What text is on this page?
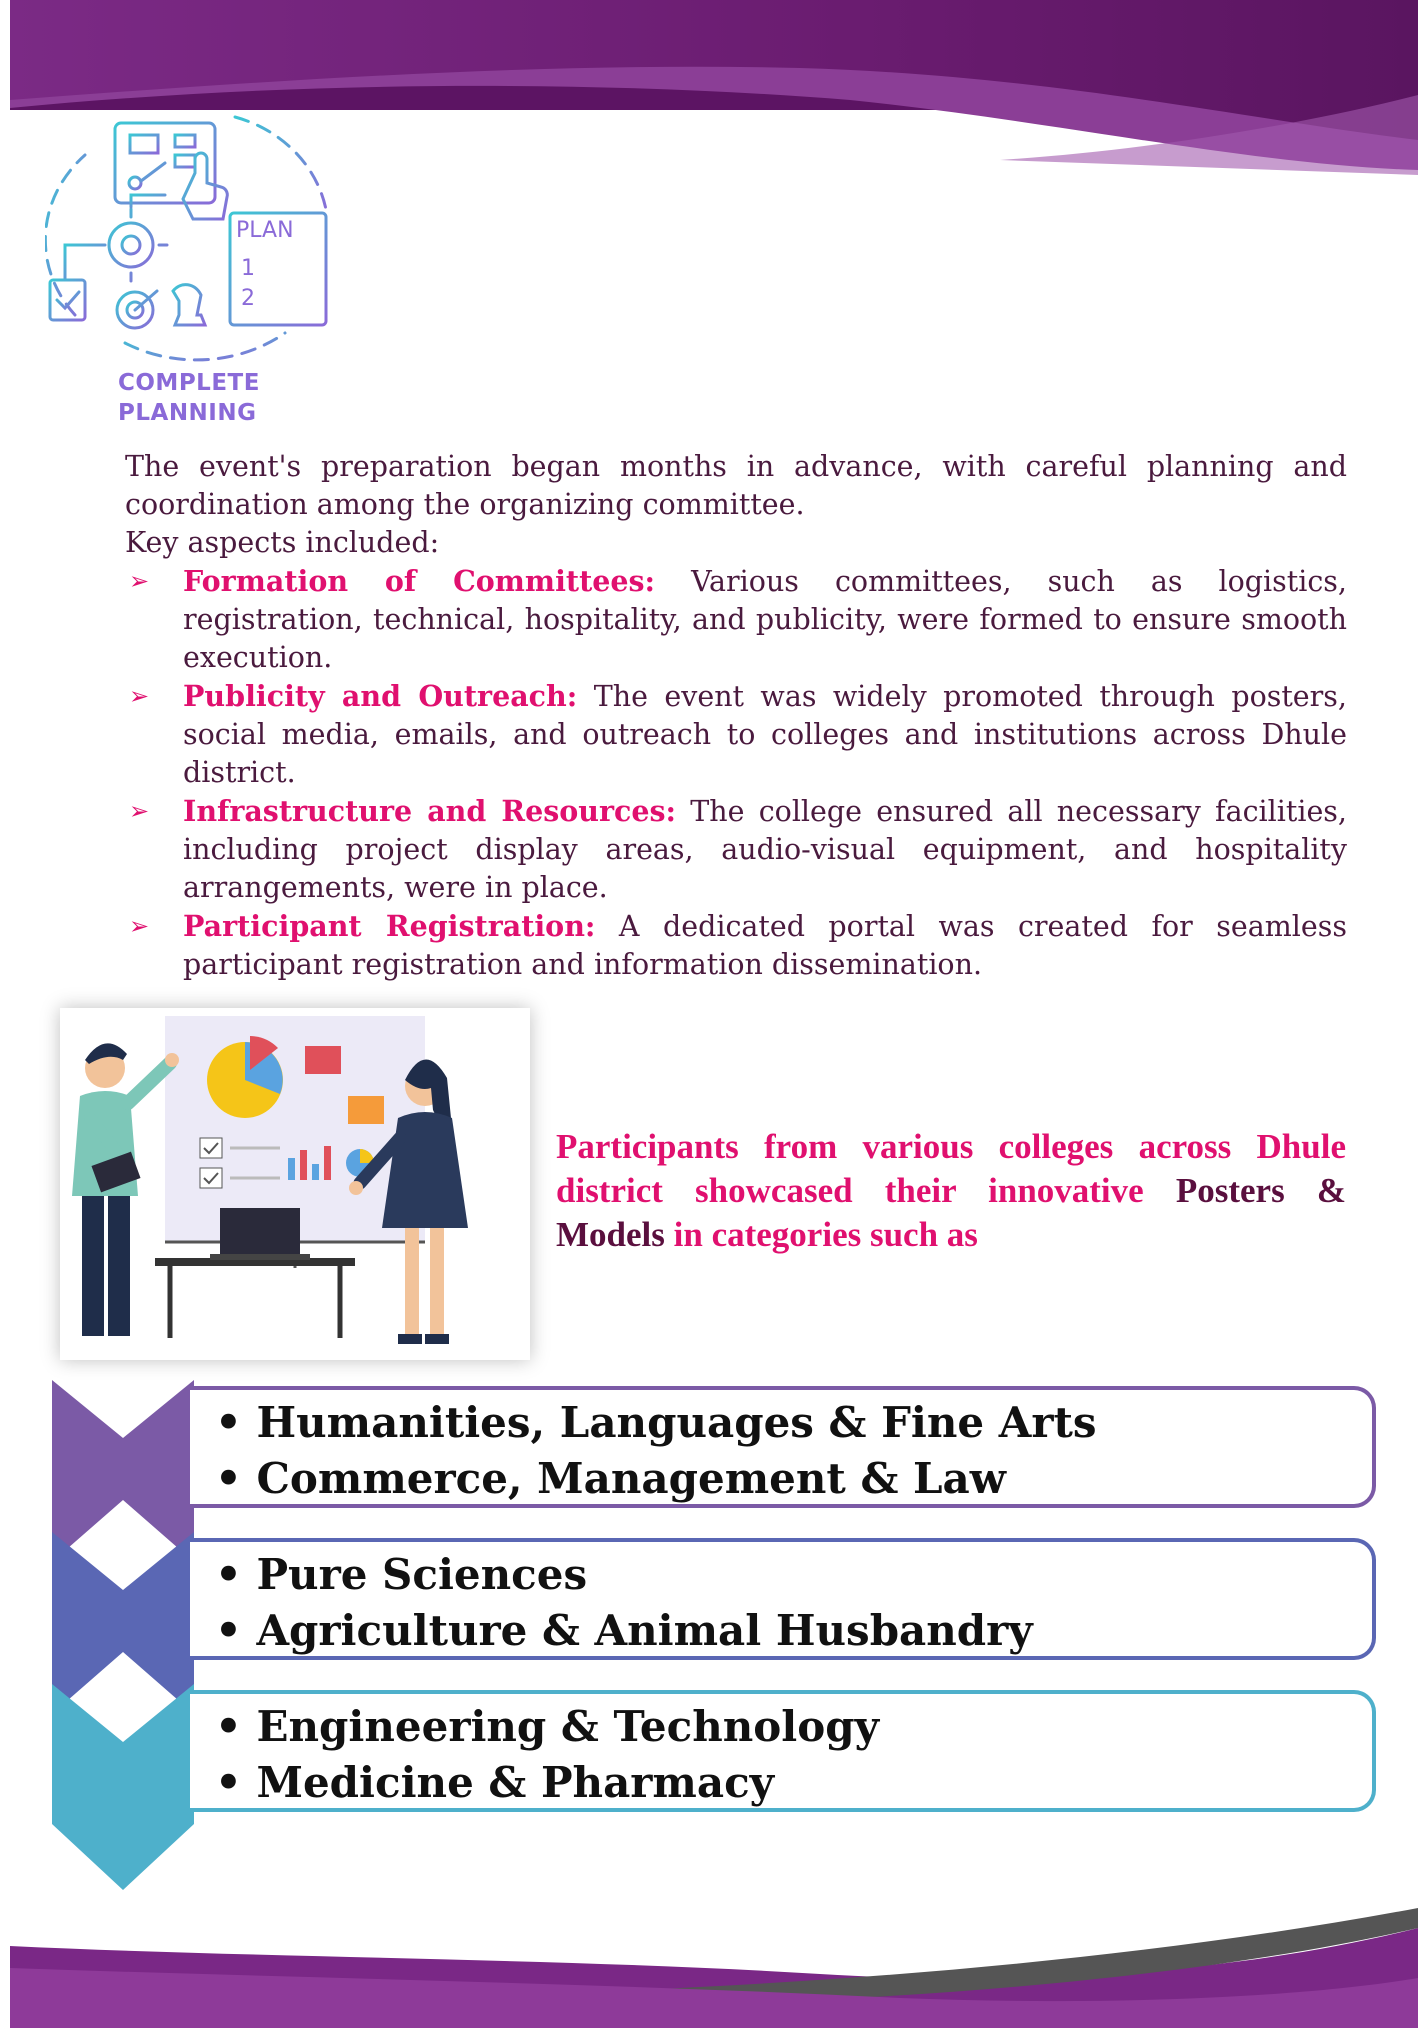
PLAN
1
2
COMPLETE
PLANNING

The event's preparation began months in advance, with careful planning and coordination among the organizing committee.

Key aspects included:

➢ Formation of Committees: Various committees, such as logistics, registration, technical, hospitality, and publicity, were formed to ensure smooth execution.
➢ Publicity and Outreach: The event was widely promoted through posters, social media, emails, and outreach to colleges and institutions across Dhule district.
➢ Infrastructure and Resources: The college ensured all necessary facilities, including project display areas, audio-visual equipment, and hospitality arrangements, were in place.
➢ Participant Registration: A dedicated portal was created for seamless participant registration and information dissemination.
Participants from various colleges across Dhule district showcased their innovative Posters & Models in categories such as
• Humanities, Languages & Fine Arts
• Commerce, Management & Law
• Pure Sciences
• Agriculture & Animal Husbandry
• Engineering & Technology
• Medicine & Pharmacy
